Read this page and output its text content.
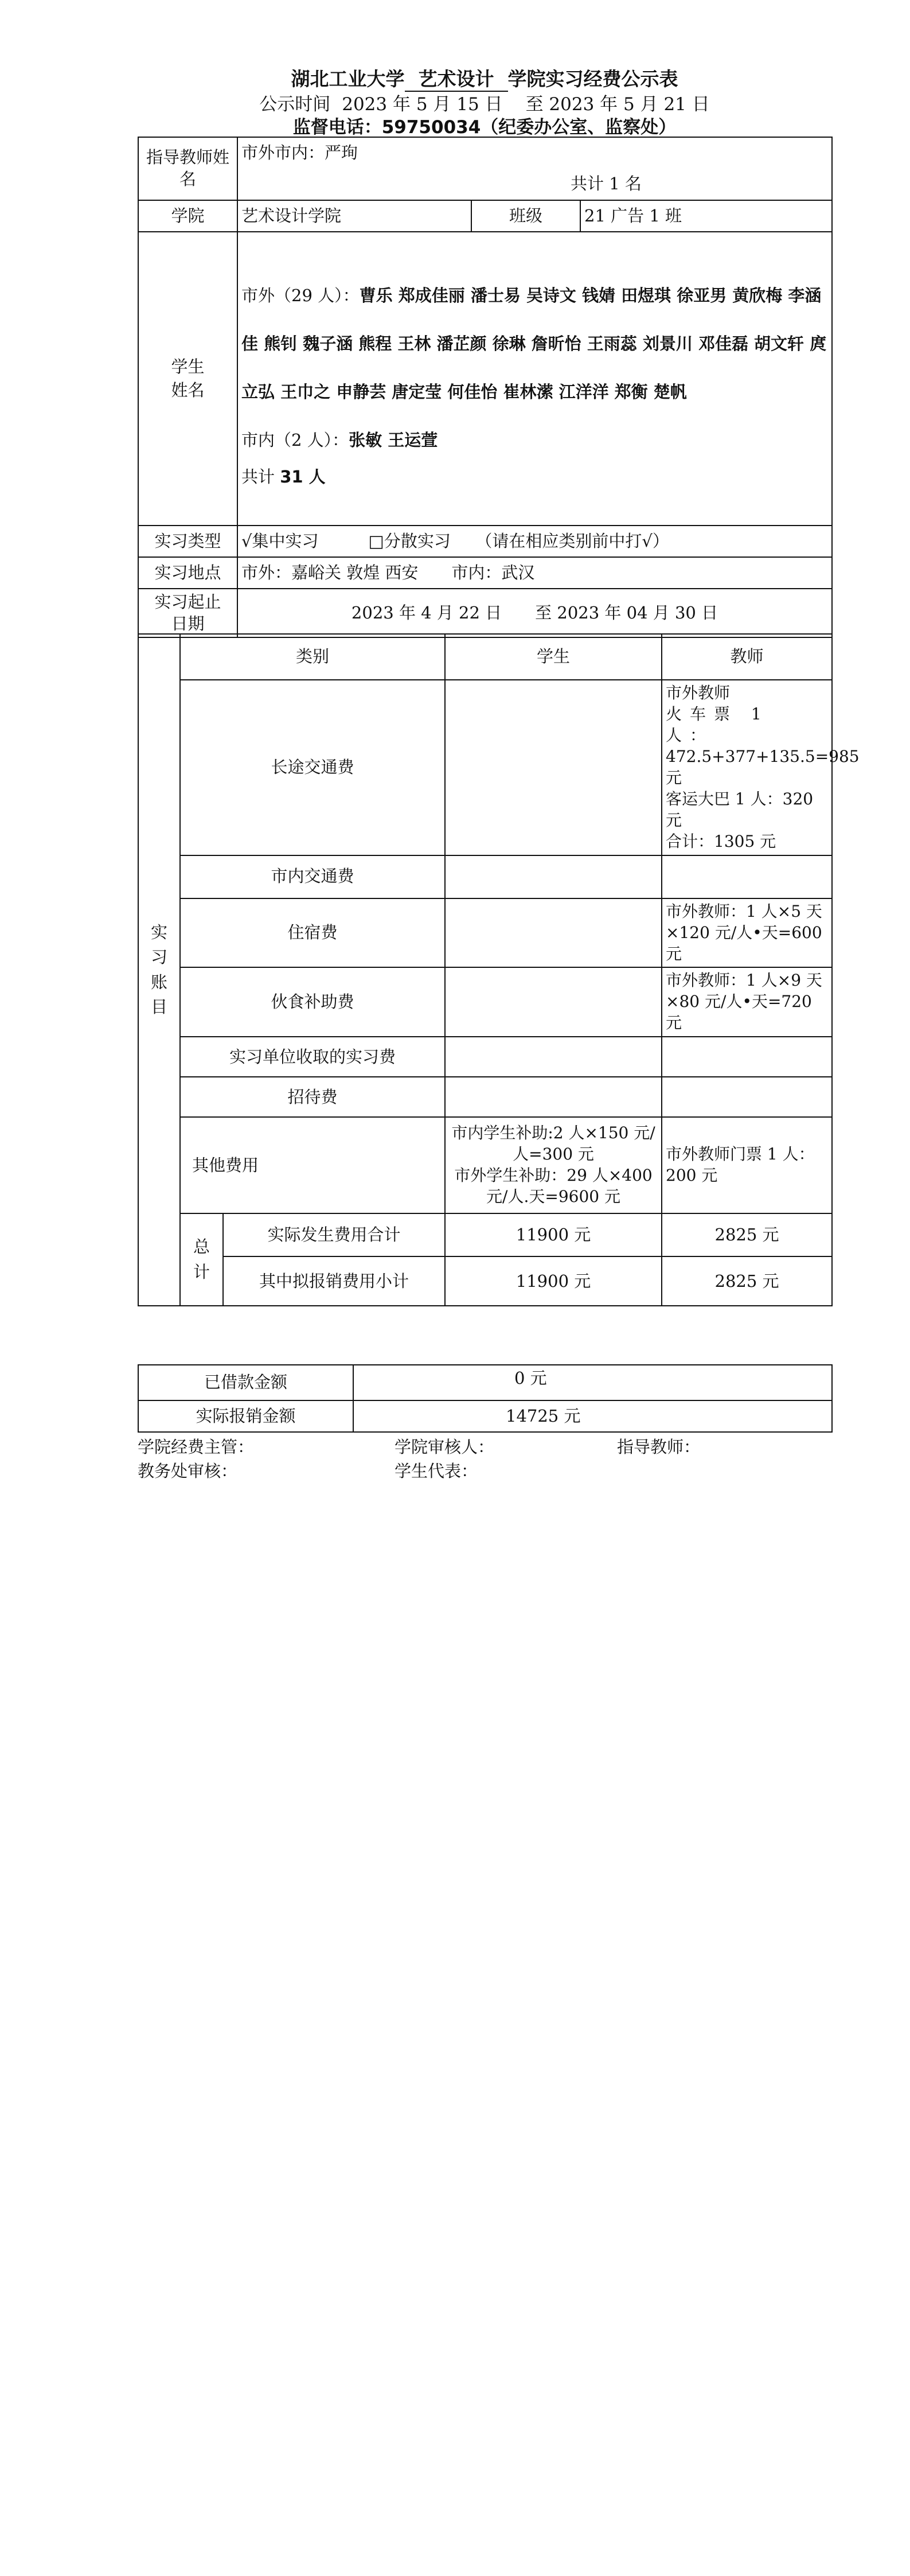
湖北工业大学 艺术设计 学院实习经费公示表
公示时间 2023 年 5 月 15 日 至 2023 年 5 月 21 日
监督电话：59750034（纪委办公室、监察处）
指导教师姓名	市外市内：严珣		
	共计 1 名		
学院	艺术设计学院	班级	21 广告 1 班

学生姓名	市外（29 人）：曹乐 郑成佳丽 潘士易 吴诗文 钱婧 田煜琪 徐亚男 黄欣梅 李涵佳 熊钊 魏子涵 熊程 王林 潘芷颜 徐琳 詹昕怡 王雨蕊 刘景川 邓佳磊 胡文轩 庹立弘 王巾之 申静芸 唐定莹 何佳怡 崔林潆 江洋洋 郑衡 楚帆

市内（2 人）：张敏 王运萱

共计 31 人		

实习类型	√集中实习　　　□分散实习　　（请在相应类别前中打√）		
实习地点	市外：嘉峪关 敦煌 西安　　市内：武汉		

实习起止日期	2023 年 4 月 22 日　　至 2023 年 04 月 30 日		
实习账目	类别		学生	教师
	长途交通费			市外教师
火车票 1 人：
472.5+377+135.5=985 元
客运大巴 1 人：320 元
合计：1305 元

	市内交通费			
	住宿费			市外教师：1 人×5 天×120 元/人•天=600 元
	伙食补助费			市外教师：1 人×9 天×80 元/人•天=720 元
	实习单位收取的实习费			
	招待费			
	其他费用		市内学生补助:2 人×150 元/人=300 元
市外学生补助：29 人×400 元/人.天=9600 元	市外教师门票 1 人：200 元

	总计	实际发生费用合计	11900 元	2825 元
		其中拟报销费用小计	11900 元	2825 元
已借款金额	0 元
实际报销金额	14725 元
学院经费主管：	学院审核人：	指导教师：
教务处审核：	学生代表：
